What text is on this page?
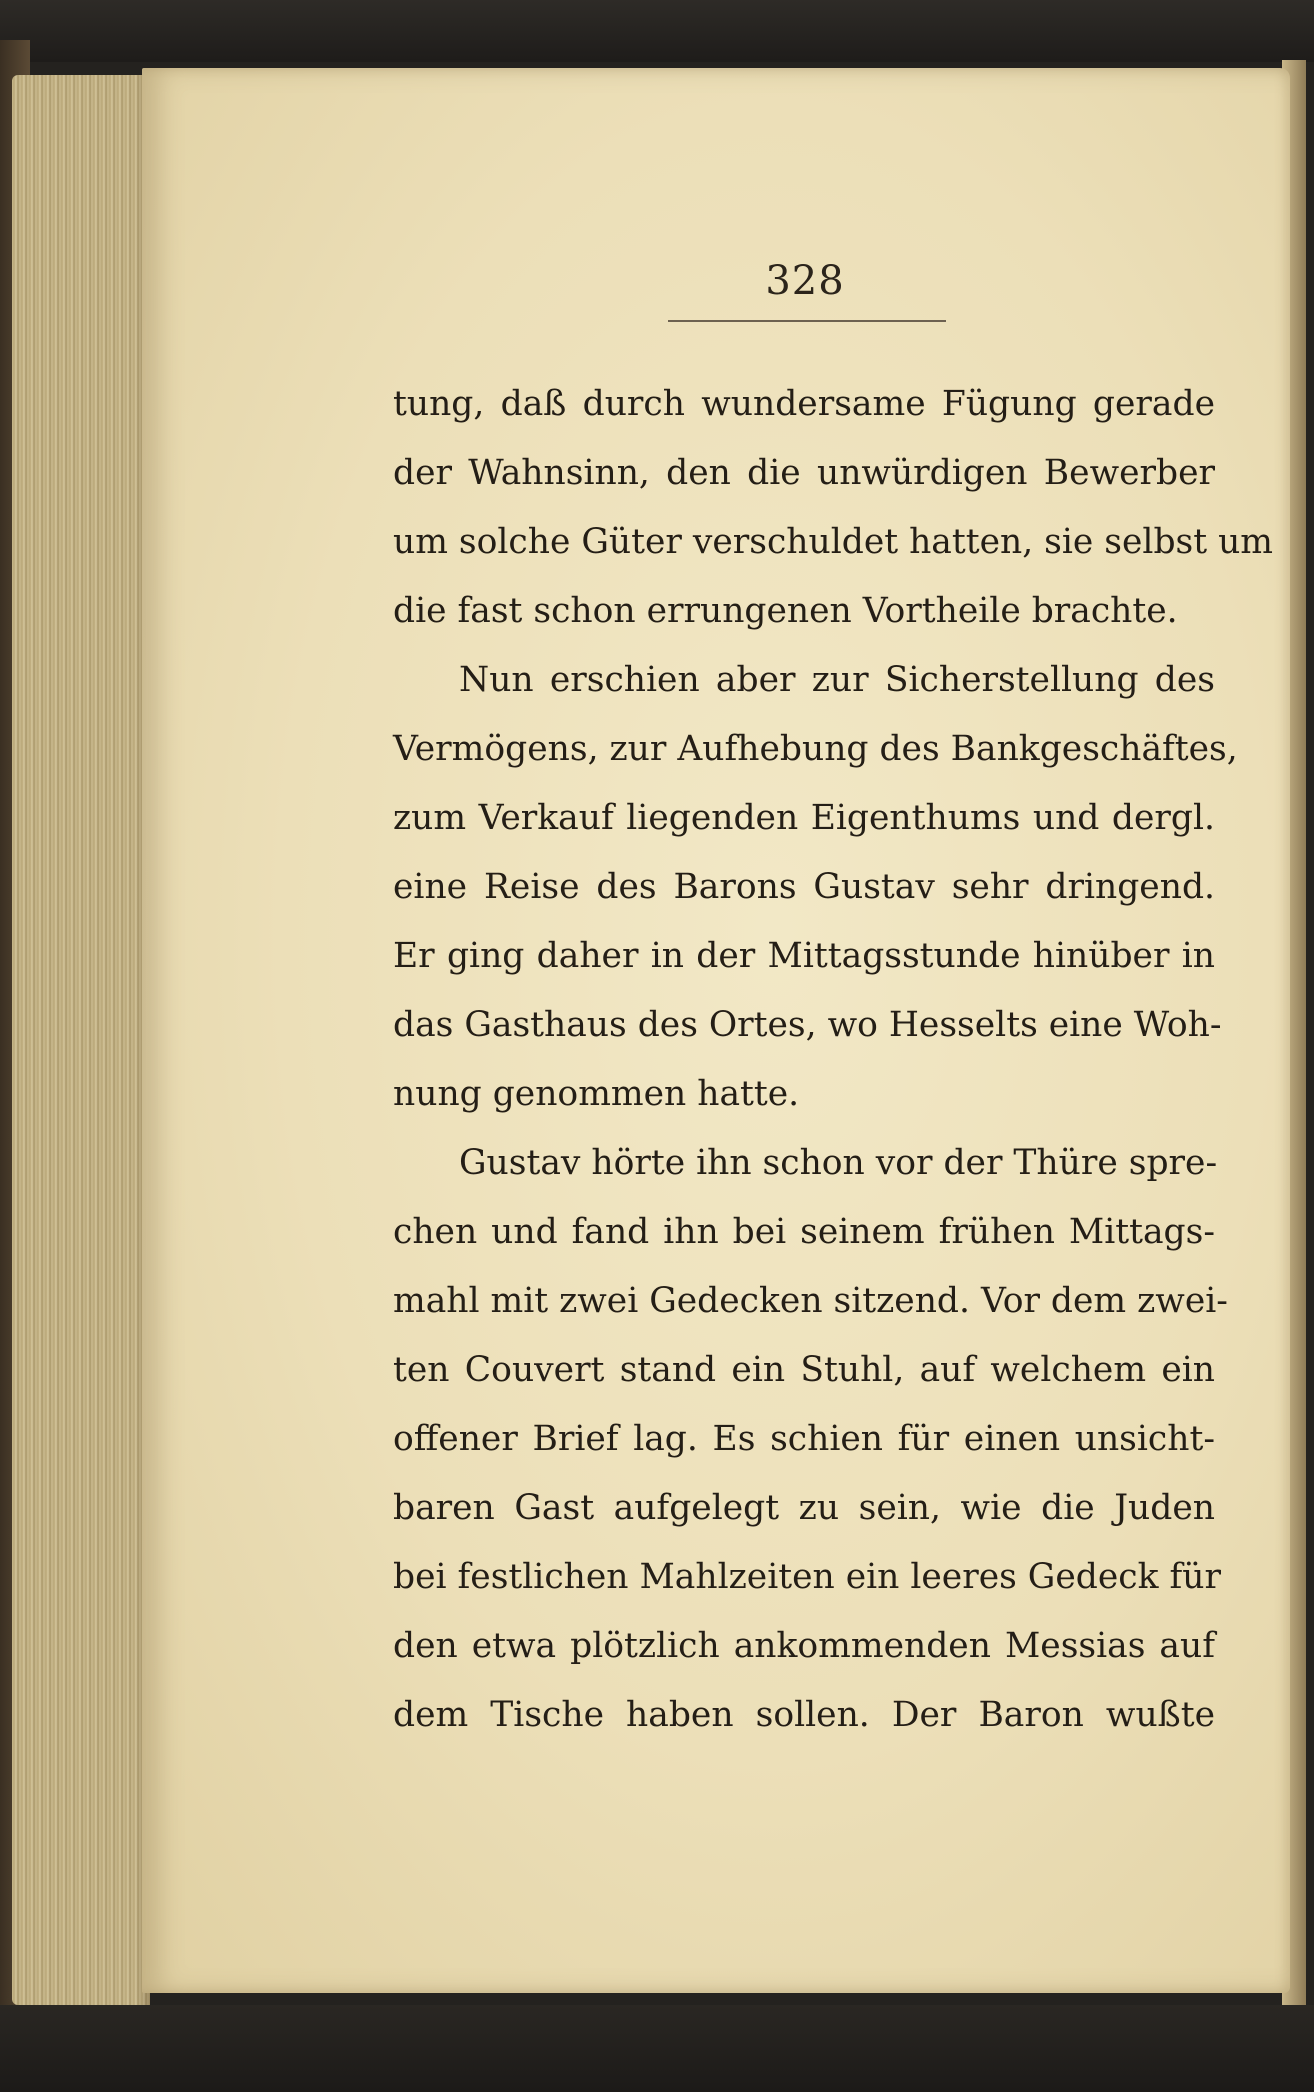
328
tung, daß durch wundersame Fügung gerade
der Wahnsinn, den die unwürdigen Bewerber
um solche Güter verschuldet hatten, sie selbst um
die fast schon errungenen Vortheile brachte.
Nun erschien aber zur Sicherstellung des
Vermögens, zur Aufhebung des Bankgeschäftes,
zum Verkauf liegenden Eigenthums und dergl.
eine Reise des Barons Gustav sehr dringend.
Er ging daher in der Mittagsstunde hinüber in
das Gasthaus des Ortes, wo Hesselts eine Woh-
nung genommen hatte.
Gustav hörte ihn schon vor der Thüre spre-
chen und fand ihn bei seinem frühen Mittags-
mahl mit zwei Gedecken sitzend. Vor dem zwei-
ten Couvert stand ein Stuhl, auf welchem ein
offener Brief lag. Es schien für einen unsicht-
baren Gast aufgelegt zu sein, wie die Juden
bei festlichen Mahlzeiten ein leeres Gedeck für
den etwa plötzlich ankommenden Messias auf
dem Tische haben sollen. Der Baron wußte
